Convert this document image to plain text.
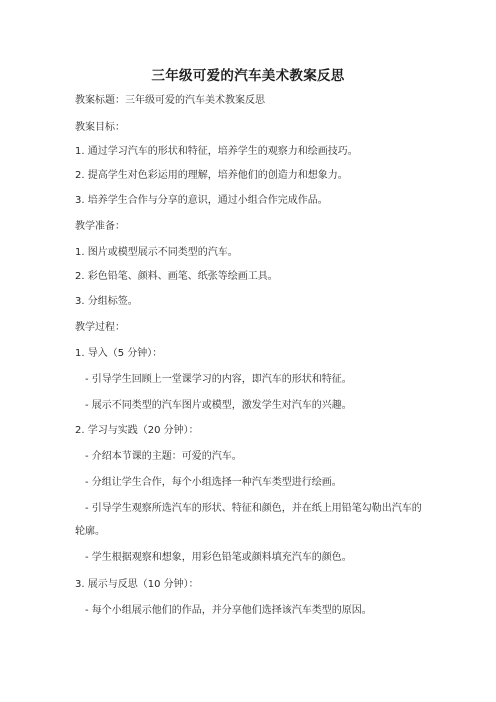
三年级可爱的汽车美术教案反思
教案标题：三年级可爱的汽车美术教案反思
教案目标：
1. 通过学习汽车的形状和特征，培养学生的观察力和绘画技巧。
2. 提高学生对色彩运用的理解，培养他们的创造力和想象力。
3. 培养学生合作与分享的意识，通过小组合作完成作品。
教学准备：
1. 图片或模型展示不同类型的汽车。
2. 彩色铅笔、颜料、画笔、纸张等绘画工具。
3. 分组标签。
教学过程：
1. 导入（5 分钟）：
- 引导学生回顾上一堂课学习的内容，即汽车的形状和特征。
- 展示不同类型的汽车图片或模型，激发学生对汽车的兴趣。
2. 学习与实践（20 分钟）：
- 介绍本节课的主题：可爱的汽车。
- 分组让学生合作，每个小组选择一种汽车类型进行绘画。
- 引导学生观察所选汽车的形状、特征和颜色，并在纸上用铅笔勾勒出汽车的
轮廓。
- 学生根据观察和想象，用彩色铅笔或颜料填充汽车的颜色。
3. 展示与反思（10 分钟）：
- 每个小组展示他们的作品，并分享他们选择该汽车类型的原因。
